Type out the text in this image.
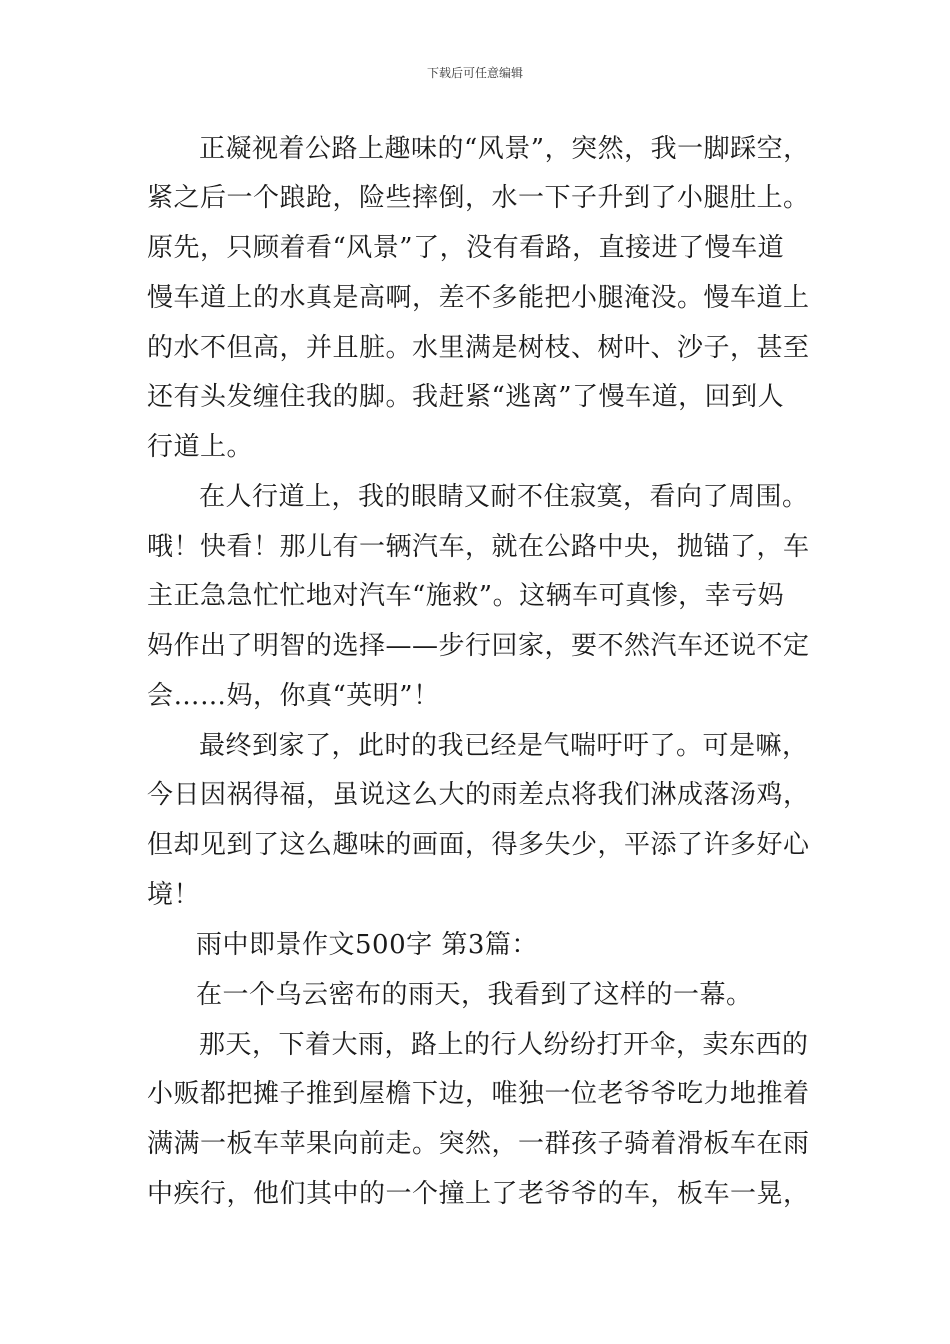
下载后可任意编辑
正凝视着公路上趣味的“风景”，突然，我一脚踩空，
紧之后一个踉跄，险些摔倒，水一下子升到了小腿肚上。
原先，只顾着看“风景”了，没有看路，直接进了慢车道
慢车道上的水真是高啊，差不多能把小腿淹没。慢车道上
的水不但高，并且脏。水里满是树枝、树叶、沙子，甚至
还有头发缠住我的脚。我赶紧“逃离”了慢车道，回到人
行道上。
在人行道上，我的眼睛又耐不住寂寞，看向了周围。
哦！快看！那儿有一辆汽车，就在公路中央，抛锚了，车
主正急急忙忙地对汽车“施救”。这辆车可真惨，幸亏妈
妈作出了明智的选择——步行回家，要不然汽车还说不定
会……妈，你真“英明”！
最终到家了，此时的我已经是气喘吁吁了。可是嘛，
今日因祸得福，虽说这么大的雨差点将我们淋成落汤鸡，
但却见到了这么趣味的画面，得多失少，平添了许多好心
境！
雨中即景作文500字 第3篇：
在一个乌云密布的雨天，我看到了这样的一幕。
那天，下着大雨，路上的行人纷纷打开伞，卖东西的
小贩都把摊子推到屋檐下边，唯独一位老爷爷吃力地推着
满满一板车苹果向前走。突然，一群孩子骑着滑板车在雨
中疾行，他们其中的一个撞上了老爷爷的车，板车一晃，
